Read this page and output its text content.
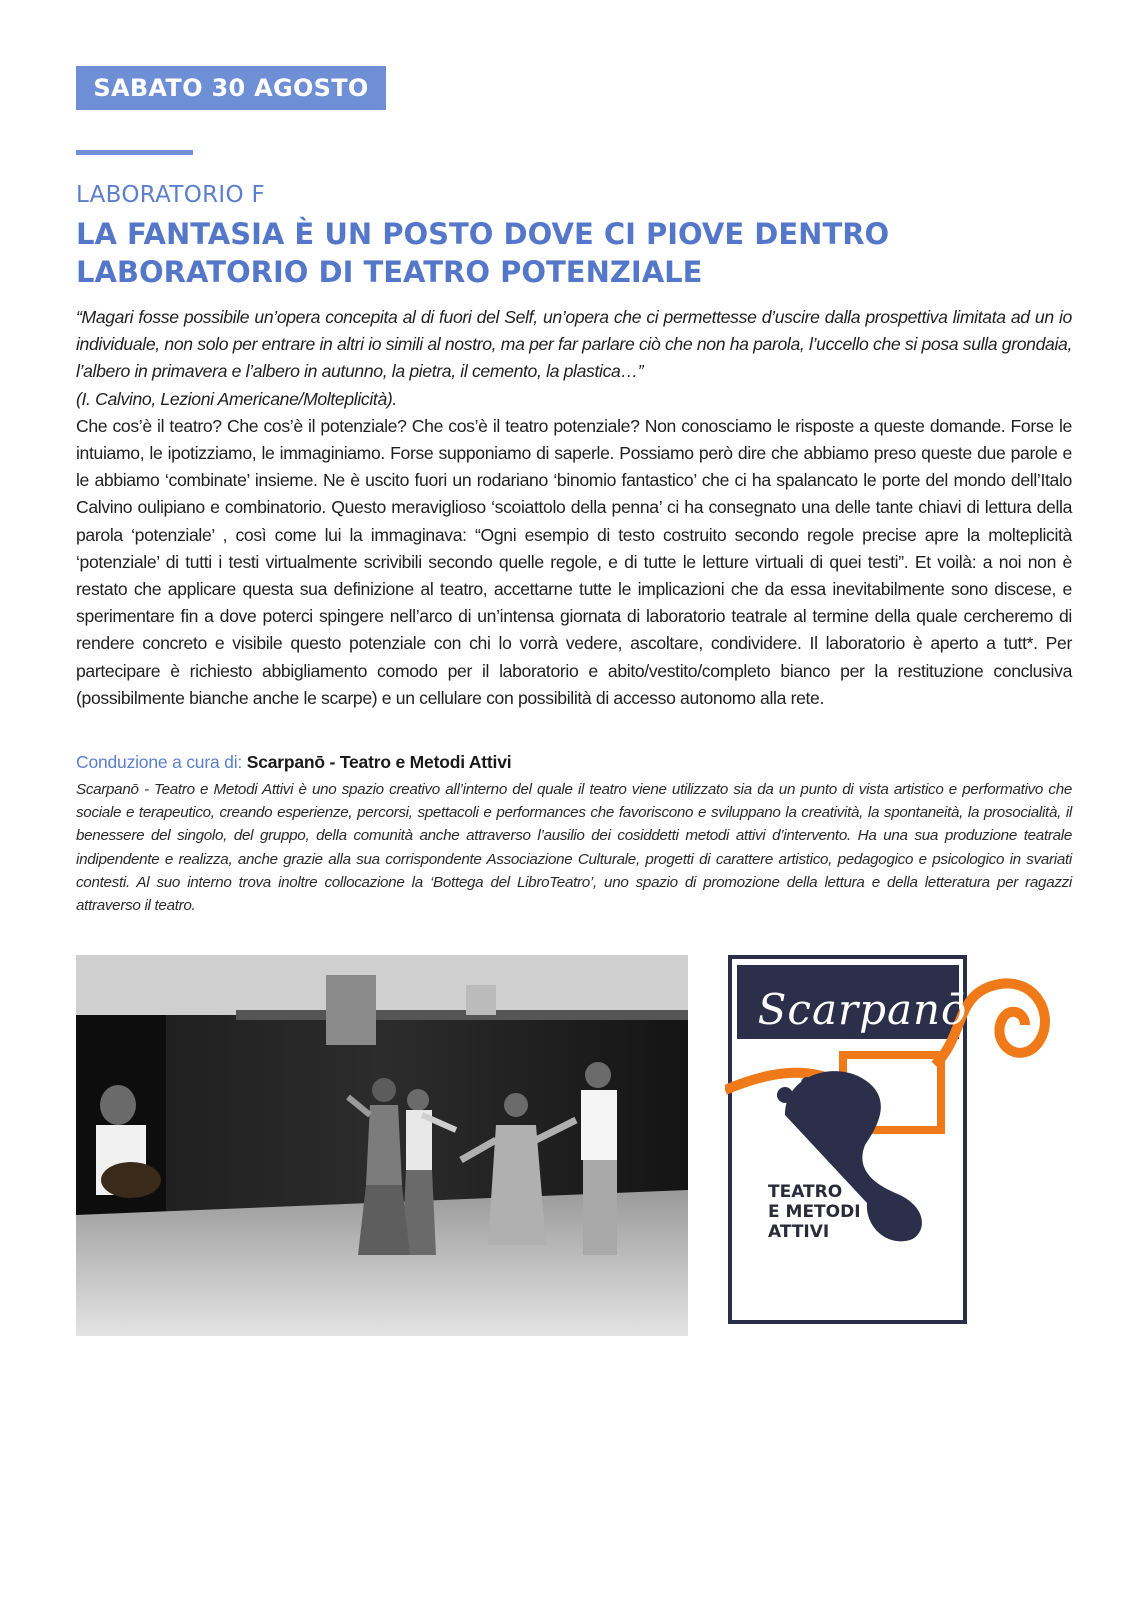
SABATO 30 AGOSTO
LABORATORIO F
LA FANTASIA È UN POSTO DOVE CI PIOVE DENTRO
LABORATORIO DI TEATRO POTENZIALE

“Magari fosse possibile un’opera concepita al di fuori del Self, un’opera che ci permettesse d’uscire dalla prospettiva limitata ad un io individuale, non solo per entrare in altri io simili al nostro, ma per far parlare ciò che non ha parola, l’uccello che si posa sulla grondaia, l’albero in primavera e l’albero in autunno, la pietra, il cemento, la plastica…”

(I. Calvino, Lezioni Americane/Molteplicità).

Che cos’è il teatro? Che cos’è il potenziale? Che cos’è il teatro potenziale? Non conosciamo le risposte a queste domande. Forse le intuiamo, le ipotizziamo, le immaginiamo. Forse supponiamo di saperle. Possiamo però dire che abbiamo preso queste due parole e le abbiamo ‘combinate’ insieme. Ne è uscito fuori un rodariano ‘binomio fantastico’ che ci ha spalancato le porte del mondo dell’Italo Calvino oulipiano e combinatorio. Questo meraviglioso ‘scoiattolo della penna’ ci ha consegnato una delle tante chiavi di lettura della parola ‘potenziale’ , così come lui la immaginava: “Ogni esempio di testo costruito secondo regole precise apre la molteplicità ‘potenziale’ di tutti i testi virtualmente scrivibili secondo quelle regole, e di tutte le letture virtuali di quei testi”. Et voilà: a noi non è restato che applicare questa sua definizione al teatro, accettarne tutte le implicazioni che da essa inevitabilmente sono discese, e sperimentare fin a dove poterci spingere nell’arco di un’intensa giornata di laboratorio teatrale al termine della quale cercheremo di rendere concreto e visibile questo potenziale con chi lo vorrà vedere, ascoltare, condividere. Il laboratorio è aperto a tutt*. Per partecipare è richiesto abbigliamento comodo per il laboratorio e abito/vestito/completo bianco per la restituzione conclusiva (possibilmente bianche anche le scarpe) e un cellulare con possibilità di accesso autonomo alla rete.

Conduzione a cura di: Scarpanō - Teatro e Metodi Attivi
Scarpanō - Teatro e Metodi Attivi è uno spazio creativo all’interno del quale il teatro viene utilizzato sia da un punto di vista artistico e performativo che sociale e terapeutico, creando esperienze, percorsi, spettacoli e performances che favoriscono e sviluppano la creatività, la spontaneità, la prosocialità, il benessere del singolo, del gruppo, della comunità anche attraverso l’ausilio dei cosiddetti metodi attivi d’intervento. Ha una sua produzione teatrale indipendente e realizza, anche grazie alla sua corrispondente Associazione Culturale, progetti di carattere artistico, pedagogico e psicologico in svariati contesti. Al suo interno trova inoltre collocazione la ‘Bottega del LibroTeatro’, uno spazio di promozione della lettura e della letteratura per ragazzi attraverso il teatro.
Scarpanō
TEATRO
E METODI
ATTIVI
